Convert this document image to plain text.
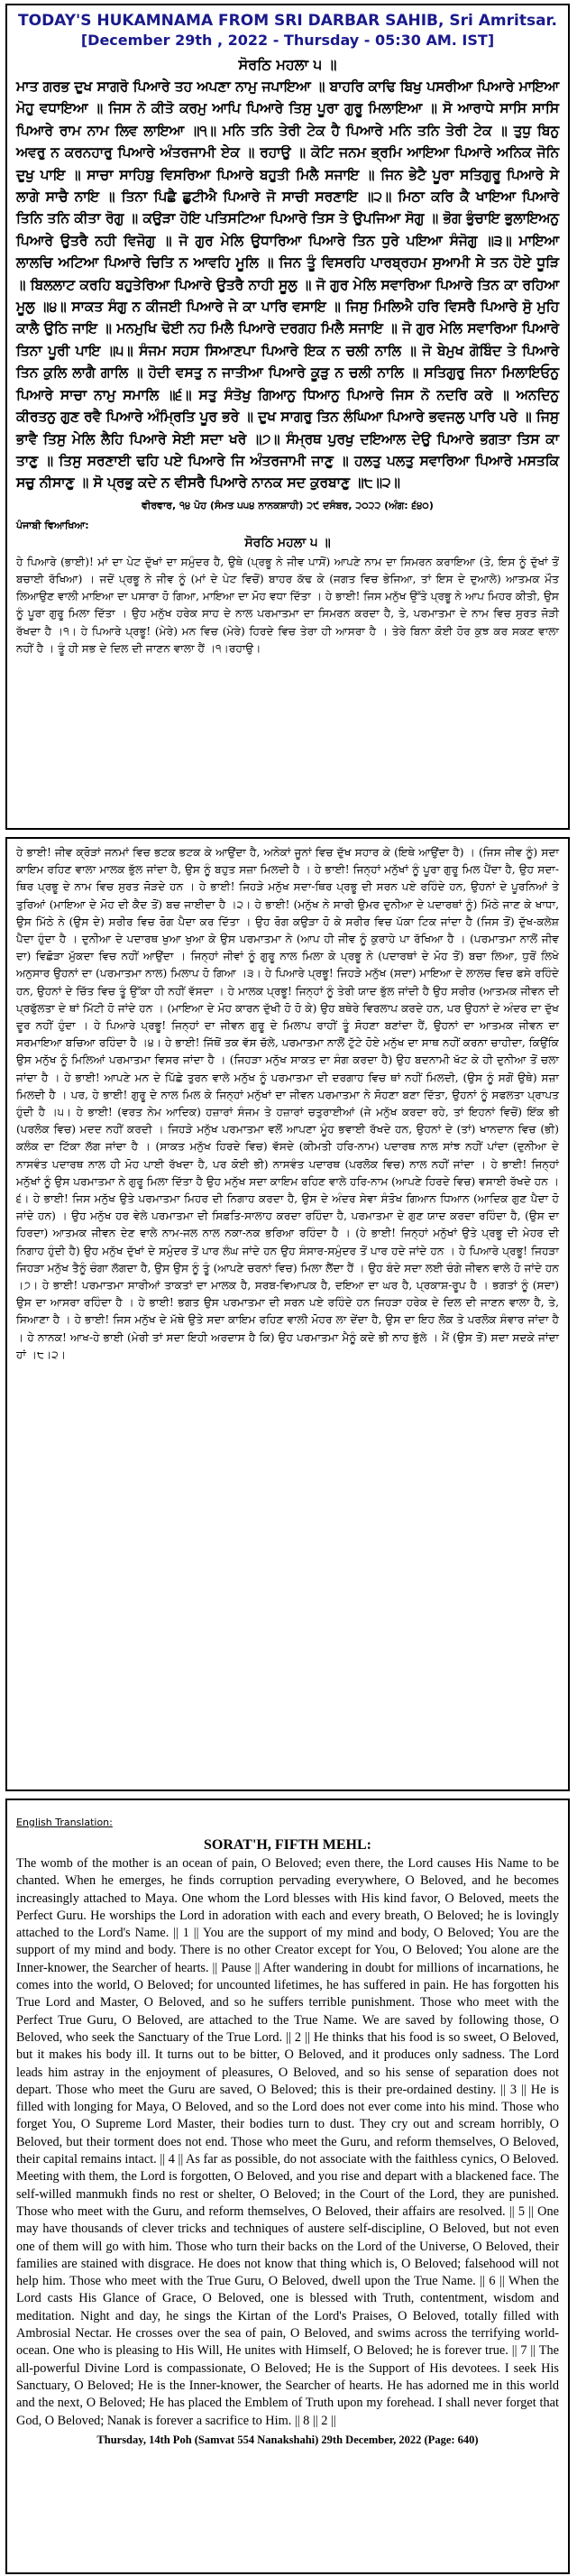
TODAY'S HUKAMNAMA FROM SRI DARBAR SAHIB, Sri Amritsar.
[December 29th , 2022 - Thursday - 05:30 AM. IST]
ਸੋਰਠਿ ਮਹਲਾ ੫ ॥

ਮਾਤ ਗਰਭ ਦੁਖ ਸਾਗਰੋ ਪਿਆਰੇ ਤਹ ਅਪਣਾ ਨਾਮੁ ਜਪਾਇਆ ॥ ਬਾਹਰਿ ਕਾਢਿ ਬਿਖੁ ਪਸਰੀਆ ਪਿਆਰੇ ਮਾਇਆ ਮੋਹੁ ਵਧਾਇਆ ॥ ਜਿਸ ਨੋ ਕੀਤੋ ਕਰਮੁ ਆਪਿ ਪਿਆਰੇ ਤਿਸੁ ਪੂਰਾ ਗੁਰੂ ਮਿਲਾਇਆ ॥ ਸੋ ਆਰਾਧੇ ਸਾਸਿ ਸਾਸਿ ਪਿਆਰੇ ਰਾਮ ਨਾਮ ਲਿਵ ਲਾਇਆ ॥੧॥ ਮਨਿ ਤਨਿ ਤੇਰੀ ਟੇਕ ਹੈ ਪਿਆਰੇ ਮਨਿ ਤਨਿ ਤੇਰੀ ਟੇਕ ॥ ਤੁਧੁ ਬਿਨੁ ਅਵਰੁ ਨ ਕਰਨਹਾਰੁ ਪਿਆਰੇ ਅੰਤਰਜਾਮੀ ਏਕ ॥ ਰਹਾਉ ॥ ਕੋਟਿ ਜਨਮ ਭ੍ਰਮਿ ਆਇਆ ਪਿਆਰੇ ਅਨਿਕ ਜੋਨਿ ਦੁਖੁ ਪਾਇ ॥ ਸਾਚਾ ਸਾਹਿਬੁ ਵਿਸਰਿਆ ਪਿਆਰੇ ਬਹੁਤੀ ਮਿਲੈ ਸਜਾਇ ॥ ਜਿਨ ਭੇਟੈ ਪੂਰਾ ਸਤਿਗੁਰੂ ਪਿਆਰੇ ਸੇ ਲਾਗੇ ਸਾਚੈ ਨਾਇ ॥ ਤਿਨਾ ਪਿਛੈ ਛੁਟੀਐ ਪਿਆਰੇ ਜੋ ਸਾਚੀ ਸਰਣਾਇ ॥੨॥ ਮਿਠਾ ਕਰਿ ਕੈ ਖਾਇਆ ਪਿਆਰੇ ਤਿਨਿ ਤਨਿ ਕੀਤਾ ਰੋਗੁ ॥ ਕਉੜਾ ਹੋਇ ਪਤਿਸਟਿਆ ਪਿਆਰੇ ਤਿਸ ਤੇ ਉਪਜਿਆ ਸੋਗੁ ॥ ਭੋਗ ਭੁੰਚਾਇ ਭੁਲਾਇਅਨੁ ਪਿਆਰੇ ਉਤਰੈ ਨਹੀ ਵਿਜੋਗੁ ॥ ਜੋ ਗੁਰ ਮੇਲਿ ਉਧਾਰਿਆ ਪਿਆਰੇ ਤਿਨ ਧੁਰੇ ਪਇਆ ਸੰਜੋਗੁ ॥੩॥ ਮਾਇਆ ਲਾਲਚਿ ਅਟਿਆ ਪਿਆਰੇ ਚਿਤਿ ਨ ਆਵਹਿ ਮੂਲਿ ॥ ਜਿਨ ਤੂੰ ਵਿਸਰਹਿ ਪਾਰਬ੍ਰਹਮ ਸੁਆਮੀ ਸੇ ਤਨ ਹੋਏ ਧੂੜਿ ॥ ਬਿਲਲਾਟ ਕਰਹਿ ਬਹੁਤੇਰਿਆ ਪਿਆਰੇ ਉਤਰੈ ਨਾਹੀ ਸੂਲੁ ॥ ਜੋ ਗੁਰ ਮੇਲਿ ਸਵਾਰਿਆ ਪਿਆਰੇ ਤਿਨ ਕਾ ਰਹਿਆ ਮੂਲੁ ॥੪॥ ਸਾਕਤ ਸੰਗੁ ਨ ਕੀਜਈ ਪਿਆਰੇ ਜੇ ਕਾ ਪਾਰਿ ਵਸਾਇ ॥ ਜਿਸੁ ਮਿਲਿਐ ਹਰਿ ਵਿਸਰੈ ਪਿਆਰੇ ਸੁੋ ਮੁਹਿ ਕਾਲੈ ਉਠਿ ਜਾਇ ॥ ਮਨਮੁਖਿ ਢੋਈ ਨਹ ਮਿਲੈ ਪਿਆਰੇ ਦਰਗਹ ਮਿਲੈ ਸਜਾਇ ॥ ਜੋ ਗੁਰ ਮੇਲਿ ਸਵਾਰਿਆ ਪਿਆਰੇ ਤਿਨਾ ਪੂਰੀ ਪਾਇ ॥੫॥ ਸੰਜਮ ਸਹਸ ਸਿਆਣਪਾ ਪਿਆਰੇ ਇਕ ਨ ਚਲੀ ਨਾਲਿ ॥ ਜੋ ਬੇਮੁਖ ਗੋਬਿੰਦ ਤੇ ਪਿਆਰੇ ਤਿਨ ਕੁਲਿ ਲਾਗੈ ਗਾਲਿ ॥ ਹੋਦੀ ਵਸਤੁ ਨ ਜਾਤੀਆ ਪਿਆਰੇ ਕੂੜੁ ਨ ਚਲੀ ਨਾਲਿ ॥ ਸਤਿਗੁਰੁ ਜਿਨਾ ਮਿਲਾਇਓਨੁ ਪਿਆਰੇ ਸਾਚਾ ਨਾਮੁ ਸਮਾਲਿ ॥੬॥ ਸਤੁ ਸੰਤੋਖੁ ਗਿਆਨੁ ਧਿਆਨੁ ਪਿਆਰੇ ਜਿਸ ਨੋ ਨਦਰਿ ਕਰੇ ॥ ਅਨਦਿਨੁ ਕੀਰਤਨੁ ਗੁਣ ਰਵੈ ਪਿਆਰੇ ਅੰਮ੍ਰਿਤਿ ਪੂਰ ਭਰੇ ॥ ਦੁਖ ਸਾਗਰੁ ਤਿਨ ਲੰਘਿਆ ਪਿਆਰੇ ਭਵਜਲੁ ਪਾਰਿ ਪਰੇ ॥ ਜਿਸੁ ਭਾਵੈ ਤਿਸੁ ਮੇਲਿ ਲੈਹਿ ਪਿਆਰੇ ਸੇਈ ਸਦਾ ਖਰੇ ॥੭॥ ਸੰਮ੍ਰਥ ਪੁਰਖੁ ਦਇਆਲ ਦੇਉ ਪਿਆਰੇ ਭਗਤਾ ਤਿਸ ਕਾ ਤਾਣੁ ॥ ਤਿਸੁ ਸਰਣਾਈ ਢਹਿ ਪਏ ਪਿਆਰੇ ਜਿ ਅੰਤਰਜਾਮੀ ਜਾਣੁ ॥ ਹਲਤੁ ਪਲਤੁ ਸਵਾਰਿਆ ਪਿਆਰੇ ਮਸਤਕਿ ਸਚੁ ਨੀਸਾਣੁ ॥ ਸੋ ਪ੍ਰਭੁ ਕਦੇ ਨ ਵੀਸਰੈ ਪਿਆਰੇ ਨਾਨਕ ਸਦ ਕੁਰਬਾਣੁ ॥੮॥੨॥

ਵੀਰਵਾਰ, ੧੪ ਪੋਹ (ਸੰਮਤ ੫੫੪ ਨਾਨਕਸ਼ਾਹੀ) ੨੯ ਦਸੰਬਰ, ੨੦੨੨ (ਅੰਗ: ੬੪੦)
ਪੰਜਾਬੀ ਵਿਆਖਿਆ:
ਸੋਰਠਿ ਮਹਲਾ ੫ ॥

ਹੇ ਪਿਆਰੇ (ਭਾਈ)! ਮਾਂ ਦਾ ਪੇਟ ਦੁੱਖਾਂ ਦਾ ਸਮੁੰਦਰ ਹੈ, ਉਥੇ (ਪ੍ਰਭੂ ਨੇ ਜੀਵ ਪਾਸੋਂ) ਆਪਣੇ ਨਾਮ ਦਾ ਸਿਮਰਨ ਕਰਾਇਆ (ਤੇ, ਇਸ ਨੂੰ ਦੁੱਖਾਂ ਤੋਂ ਬਚਾਈ ਰੱਖਿਆ) । ਜਦੋਂ ਪ੍ਰਭੂ ਨੇ ਜੀਵ ਨੂੰ (ਮਾਂ ਦੇ ਪੇਟ ਵਿਚੋਂ) ਬਾਹਰ ਕੱਢ ਕੇ (ਜਗਤ ਵਿਚ ਭੇਜਿਆ, ਤਾਂ ਇਸ ਦੇ ਦੁਆਲੇ) ਆਤਮਕ ਮੌਤ ਲਿਆਉਣ ਵਾਲੀ ਮਾਇਆ ਦਾ ਪਸਾਰਾ ਹੋ ਗਿਆ, ਮਾਇਆ ਦਾ ਮੋਹ ਵਧਾ ਦਿੱਤਾ । ਹੇ ਭਾਈ! ਜਿਸ ਮਨੁੱਖ ਉੱਤੇ ਪ੍ਰਭੂ ਨੇ ਆਪ ਮਿਹਰ ਕੀਤੀ, ਉਸ ਨੂੰ ਪੂਰਾ ਗੁਰੂ ਮਿਲਾ ਦਿੱਤਾ । ਉਹ ਮਨੁੱਖ ਹਰੇਕ ਸਾਹ ਦੇ ਨਾਲ ਪਰਮਾਤਮਾ ਦਾ ਸਿਮਰਨ ਕਰਦਾ ਹੈ, ਤੇ, ਪਰਮਾਤਮਾ ਦੇ ਨਾਮ ਵਿਚ ਸੁਰਤ ਜੋੜੀ ਰੱਖਦਾ ਹੈ ।੧। ਹੇ ਪਿਆਰੇ ਪ੍ਰਭੂ! (ਮੇਰੇ) ਮਨ ਵਿਚ (ਮੇਰੇ) ਹਿਰਦੇ ਵਿਚ ਤੇਰਾ ਹੀ ਆਸਰਾ ਹੈ । ਤੇਰੇ ਬਿਨਾ ਕੋਈ ਹੋਰ ਕੁਝ ਕਰ ਸਕਣ ਵਾਲਾ ਨਹੀਂ ਹੈ । ਤੂੰ ਹੀ ਸਭ ਦੇ ਦਿਲ ਦੀ ਜਾਣਨ ਵਾਲਾ ਹੈਂ ।੧।ਰਹਾਉ।

ਹੇ ਭਾਈ! ਜੀਵ ਕ੍ਰੋੜਾਂ ਜਨਮਾਂ ਵਿਚ ਭਟਕ ਭਟਕ ਕੇ ਆਉਂਦਾ ਹੈ, ਅਨੇਕਾਂ ਜੂਨਾਂ ਵਿਚ ਦੁੱਖ ਸਹਾਰ ਕੇ (ਇਥੇ ਆਉਂਦਾ ਹੈ) । (ਜਿਸ ਜੀਵ ਨੂੰ) ਸਦਾ ਕਾਇਮ ਰਹਿਣ ਵਾਲਾ ਮਾਲਕ ਭੁੱਲ ਜਾਂਦਾ ਹੈ, ਉਸ ਨੂੰ ਬਹੁਤ ਸਜ਼ਾ ਮਿਲਦੀ ਹੈ । ਹੇ ਭਾਈ! ਜਿਨ੍ਹਾਂ ਮਨੁੱਖਾਂ ਨੂੰ ਪੂਰਾ ਗੁਰੂ ਮਿਲ ਪੈਂਦਾ ਹੈ, ਉਹ ਸਦਾ-ਥਿਰ ਪ੍ਰਭੂ ਦੇ ਨਾਮ ਵਿਚ ਸੁਰਤ ਜੋੜਦੇ ਹਨ । ਹੇ ਭਾਈ! ਜਿਹੜੇ ਮਨੁੱਖ ਸਦਾ-ਥਿਰ ਪ੍ਰਭੂ ਦੀ ਸਰਨ ਪਏ ਰਹਿੰਦੇ ਹਨ, ਉਹਨਾਂ ਦੇ ਪੂਰਨਿਆਂ ਤੇ ਤੁਰਿਆਂ (ਮਾਇਆ ਦੇ ਮੋਹ ਦੀ ਕੈਦ ਤੋਂ) ਬਚ ਜਾਈਦਾ ਹੈ ।੨। ਹੇ ਭਾਈ! (ਮਨੁੱਖ ਨੇ ਸਾਰੀ ਉਮਰ ਦੁਨੀਆ ਦੇ ਪਦਾਰਥਾਂ ਨੂੰ) ਮਿੱਠੇ ਜਾਣ ਕੇ ਖਾਧਾ, ਉਸ ਮਿੱਠੇ ਨੇ (ਉਸ ਦੇ) ਸਰੀਰ ਵਿਚ ਰੋਗ ਪੈਦਾ ਕਰ ਦਿੱਤਾ । ਉਹ ਰੋਗ ਕਉੜਾ ਹੋ ਕੇ ਸਰੀਰ ਵਿਚ ਪੱਕਾ ਟਿਕ ਜਾਂਦਾ ਹੈ (ਜਿਸ ਤੋਂ) ਦੁੱਖ-ਕਲੇਸ਼ ਪੈਦਾ ਹੁੰਦਾ ਹੈ । ਦੁਨੀਆ ਦੇ ਪਦਾਰਥ ਖੁਆ ਖੁਆ ਕੇ ਉਸ ਪਰਮਾਤਮਾ ਨੇ (ਆਪ ਹੀ ਜੀਵ ਨੂੰ ਕੁਰਾਹੇ ਪਾ ਰੱਖਿਆ ਹੈ । (ਪਰਮਾਤਮਾ ਨਾਲੋਂ ਜੀਵ ਦਾ) ਵਿਛੋੜਾ ਮੁੱਕਦਾ ਵਿਚ ਨਹੀਂ ਆਉਂਦਾ । ਜਿਨ੍ਹਾਂ ਜੀਵਾਂ ਨੂੰ ਗੁਰੂ ਨਾਲ ਮਿਲਾ ਕੇ ਪ੍ਰਭੂ ਨੇ (ਪਦਾਰਥਾਂ ਦੇ ਮੋਹ ਤੋਂ) ਬਚਾ ਲਿਆ, ਧੁਰੋਂ ਲਿਖੇ ਅਨੁਸਾਰ ਉਹਨਾਂ ਦਾ (ਪਰਮਾਤਮਾ ਨਾਲ) ਮਿਲਾਪ ਹੋ ਗਿਆ ।੩। ਹੇ ਪਿਆਰੇ ਪ੍ਰਭੂ! ਜਿਹੜੇ ਮਨੁੱਖ (ਸਦਾ) ਮਾਇਆ ਦੇ ਲਾਲਚ ਵਿਚ ਫਸੇ ਰਹਿੰਦੇ ਹਨ, ਉਹਨਾਂ ਦੇ ਚਿੱਤ ਵਿਚ ਤੂੰ ਉੱਕਾ ਹੀ ਨਹੀਂ ਵੱਸਦਾ । ਹੇ ਮਾਲਕ ਪ੍ਰਭੂ! ਜਿਨ੍ਹਾਂ ਨੂੰ ਤੇਰੀ ਯਾਦ ਭੁੱਲ ਜਾਂਦੀ ਹੈ ਉਹ ਸਰੀਰ (ਆਤਮਕ ਜੀਵਨ ਦੀ ਪ੍ਰਫੁੱਲਤਾ ਦੇ ਥਾਂ ਮਿੱਟੀ ਹੋ ਜਾਂਦੇ ਹਨ । (ਮਾਇਆ ਦੇ ਮੋਹ ਕਾਰਨ ਦੁੱਖੀ ਹੋ ਹੋ ਕੇ) ਉਹ ਬਥੇਰੇ ਵਿਰਲਾਪ ਕਰਦੇ ਹਨ, ਪਰ ਉਹਨਾਂ ਦੇ ਅੰਦਰ ਦਾ ਦੁੱਖ ਦੂਰ ਨਹੀਂ ਹੁੰਦਾ । ਹੇ ਪਿਆਰੇ ਪ੍ਰਭੂ! ਜਿਨ੍ਹਾਂ ਦਾ ਜੀਵਨ ਗੁਰੂ ਦੇ ਮਿਲਾਪ ਰਾਹੀਂ ਤੂੰ ਸੋਹਣਾ ਬਣਾਂਦਾ ਹੈਂ, ਉਹਨਾਂ ਦਾ ਆਤਮਕ ਜੀਵਨ ਦਾ ਸਰਮਾਇਆ ਬਚਿਆ ਰਹਿੰਦਾ ਹੈ ।੪। ਹੇ ਭਾਈ! ਜਿੱਥੋਂ ਤਕ ਵੱਸ ਚੱਲੇ, ਪਰਮਾਤਮਾ ਨਾਲੋਂ ਟੁੱਟੇ ਹੋਏ ਮਨੁੱਖ ਦਾ ਸਾਥ ਨਹੀਂ ਕਰਨਾ ਚਾਹੀਦਾ, ਕਿਉਂਕਿ ਉਸ ਮਨੁੱਖ ਨੂੰ ਮਿਲਿਆਂ ਪਰਮਾਤਮਾ ਵਿਸਰ ਜਾਂਦਾ ਹੈ । (ਜਿਹੜਾ ਮਨੁੱਖ ਸਾਕਤ ਦਾ ਸੰਗ ਕਰਦਾ ਹੈ) ਉਹ ਬਦਨਾਮੀ ਖੱਟ ਕੇ ਹੀ ਦੁਨੀਆ ਤੋਂ ਚਲਾ ਜਾਂਦਾ ਹੈ । ਹੇ ਭਾਈ! ਆਪਣੇ ਮਨ ਦੇ ਪਿੱਛੇ ਤੁਰਨ ਵਾਲੇ ਮਨੁੱਖ ਨੂੰ ਪਰਮਾਤਮਾ ਦੀ ਦਰਗਾਹ ਵਿਚ ਥਾਂ ਨਹੀਂ ਮਿਲਦੀ, (ਉਸ ਨੂੰ ਸਗੋਂ ਉਥੇ) ਸਜ਼ਾ ਮਿਲਦੀ ਹੈ । ਪਰ, ਹੇ ਭਾਈ! ਗੁਰੂ ਦੇ ਨਾਲ ਮਿਲ ਕੇ ਜਿਨ੍ਹਾਂ ਮਨੁੱਖਾਂ ਦਾ ਜੀਵਨ ਪਰਮਾਤਮਾ ਨੇ ਸੋਹਣਾ ਬਣਾ ਦਿੱਤਾ, ਉਹਨਾਂ ਨੂੰ ਸਫਲਤਾ ਪ੍ਰਾਪਤ ਹੁੰਦੀ ਹੈ ।੫। ਹੇ ਭਾਈ! (ਵਰਤ ਨੇਮ ਆਦਿਕ) ਹਜ਼ਾਰਾਂ ਸੰਜਮ ਤੇ ਹਜ਼ਾਰਾਂ ਚਤੁਰਾਈਆਂ (ਜੇ ਮਨੁੱਖ ਕਰਦਾ ਰਹੇ, ਤਾਂ ਇਹਨਾਂ ਵਿਚੋਂ) ਇੱਕ ਭੀ (ਪਰਲੋਕ ਵਿਚ) ਮਦਦ ਨਹੀਂ ਕਰਦੀ । ਜਿਹੜੇ ਮਨੁੱਖ ਪਰਮਾਤਮਾ ਵਲੋਂ ਆਪਣਾ ਮੂੰਹ ਭਵਾਈ ਰੱਖਦੇ ਹਨ, ਉਹਨਾਂ ਦੇ (ਤਾਂ) ਖਾਨਦਾਨ ਵਿਚ (ਭੀ) ਕਲੰਕ ਦਾ ਟਿੱਕਾ ਲੱਗ ਜਾਂਦਾ ਹੈ । (ਸਾਕਤ ਮਨੁੱਖ ਹਿਰਦੇ ਵਿਚ) ਵੱਸਦੇ (ਕੀਮਤੀ ਹਰਿ-ਨਾਮ) ਪਦਾਰਥ ਨਾਲ ਸਾਂਝ ਨਹੀਂ ਪਾਂਦਾ (ਦੁਨੀਆ ਦੇ ਨਾਸਵੰਤ ਪਦਾਰਥ ਨਾਲ ਹੀ ਮੋਹ ਪਾਈ ਰੱਖਦਾ ਹੈ, ਪਰ ਕੋਈ ਭੀ) ਨਾਸਵੰਤ ਪਦਾਰਥ (ਪਰਲੋਕ ਵਿਚ) ਨਾਲ ਨਹੀਂ ਜਾਂਦਾ । ਹੇ ਭਾਈ! ਜਿਨ੍ਹਾਂ ਮਨੁੱਖਾਂ ਨੂੰ ਉਸ ਪਰਮਾਤਮਾ ਨੇ ਗੁਰੂ ਮਿਲਾ ਦਿੱਤਾ ਹੈ ਉਹ ਮਨੁੱਖ ਸਦਾ ਕਾਇਮ ਰਹਿਣ ਵਾਲੇ ਹਰਿ-ਨਾਮ (ਆਪਣੇ ਹਿਰਦੇ ਵਿਚ) ਵਸਾਈ ਰੱਖਦੇ ਹਨ ।੬। ਹੇ ਭਾਈ! ਜਿਸ ਮਨੁੱਖ ਉਤੇ ਪਰਮਾਤਮਾ ਮਿਹਰ ਦੀ ਨਿਗਾਹ ਕਰਦਾ ਹੈ, ਉਸ ਦੇ ਅੰਦਰ ਸੇਵਾ ਸੰਤੋਖ ਗਿਆਨ ਧਿਆਨ (ਆਦਿਕ ਗੁਣ ਪੈਦਾ ਹੋ ਜਾਂਦੇ ਹਨ) । ਉਹ ਮਨੁੱਖ ਹਰ ਵੇਲੇ ਪਰਮਾਤਮਾ ਦੀ ਸਿਫ਼ਤਿ-ਸਾਲਾਹ ਕਰਦਾ ਰਹਿੰਦਾ ਹੈ, ਪਰਮਾਤਮਾ ਦੇ ਗੁਣ ਯਾਦ ਕਰਦਾ ਰਹਿੰਦਾ ਹੈ, (ਉਸ ਦਾ ਹਿਰਦਾ) ਆਤਮਕ ਜੀਵਨ ਦੇਣ ਵਾਲੇ ਨਾਮ-ਜਲ ਨਾਲ ਨਕਾ-ਨਕ ਭਰਿਆ ਰਹਿੰਦਾ ਹੈ । (ਹੇ ਭਾਈ! ਜਿਨ੍ਹਾਂ ਮਨੁੱਖਾਂ ਉਤੇ ਪ੍ਰਭੂ ਦੀ ਮੇਹਰ ਦੀ ਨਿਗਾਹ ਹੁੰਦੀ ਹੈ) ਉਹ ਮਨੁੱਖ ਦੁੱਖਾਂ ਦੇ ਸਮੁੰਦਰ ਤੋਂ ਪਾਰ ਲੰਘ ਜਾਂਦੇ ਹਨ ਉਹ ਸੰਸਾਰ-ਸਮੁੰਦਰ ਤੋਂ ਪਾਰ ਹਦੇ ਜਾਂਦੇ ਹਨ । ਹੇ ਪਿਆਰੇ ਪ੍ਰਭੂ! ਜਿਹੜਾ ਜਿਹੜਾ ਮਨੁੱਖ ਤੈਨੂੰ ਚੰਗਾ ਲੱਗਦਾ ਹੈ, ਉਸ ਉਸ ਨੂੰ ਤੂੰ (ਆਪਣੇ ਚਰਨਾਂ ਵਿਚ) ਮਿਲਾ ਲੈਂਦਾ ਹੈਂ । ਉਹ ਬੰਦੇ ਸਦਾ ਲਈ ਚੰਗੇ ਜੀਵਨ ਵਾਲੇ ਹੋ ਜਾਂਦੇ ਹਨ ।੭। ਹੇ ਭਾਈ! ਪਰਮਾਤਮਾ ਸਾਰੀਆਂ ਤਾਕਤਾਂ ਦਾ ਮਾਲਕ ਹੈ, ਸਰਬ-ਵਿਆਪਕ ਹੈ, ਦਇਆ ਦਾ ਘਰ ਹੈ, ਪ੍ਰਕਾਸ਼-ਰੂਪ ਹੈ । ਭਗਤਾਂ ਨੂੰ (ਸਦਾ) ਉਸ ਦਾ ਆਸਰਾ ਰਹਿੰਦਾ ਹੈ । ਹੇ ਭਾਈ! ਭਗਤ ਉਸ ਪਰਮਾਤਮਾ ਦੀ ਸਰਨ ਪਏ ਰਹਿੰਦੇ ਹਨ ਜਿਹੜਾ ਹਰੇਕ ਦੇ ਦਿਲ ਦੀ ਜਾਣਨ ਵਾਲਾ ਹੈ, ਤੇ, ਸਿਆਣਾ ਹੈ । ਹੇ ਭਾਈ! ਜਿਸ ਮਨੁੱਖ ਦੇ ਮੱਥੇ ਉਤੇ ਸਦਾ ਕਾਇਮ ਰਹਿਣ ਵਾਲੀ ਮੋਹਰ ਲਾ ਦੇਂਦਾ ਹੈ, ਉਸ ਦਾ ਇਹ ਲੋਕ ਤੇ ਪਰਲੋਕ ਸੰਵਾਰ ਜਾਂਦਾ ਹੈ । ਹੇ ਨਾਨਕ! ਆਖ-ਹੇ ਭਾਈ (ਮੇਰੀ ਤਾਂ ਸਦਾ ਇਹੀ ਅਰਦਾਸ ਹੈ ਕਿ) ਉਹ ਪਰਮਾਤਮਾ ਮੈਨੂੰ ਕਦੇ ਭੀ ਨਾਹ ਭੁੱਲੇ । ਮੈਂ (ਉਸ ਤੋਂ) ਸਦਾ ਸਦਕੇ ਜਾਂਦਾ ਹਾਂ ।੮।੨।

English Translation:
SORAT'H, FIFTH MEHL:

The womb of the mother is an ocean of pain, O Beloved; even there, the Lord causes His Name to be chanted. When he emerges, he finds corruption pervading everywhere, O Beloved, and he becomes increasingly attached to Maya. One whom the Lord blesses with His kind favor, O Beloved, meets the Perfect Guru. He worships the Lord in adoration with each and every breath, O Beloved; he is lovingly attached to the Lord's Name. || 1 || You are the support of my mind and body, O Beloved; You are the support of my mind and body. There is no other Creator except for You, O Beloved; You alone are the Inner-knower, the Searcher of hearts. || Pause || After wandering in doubt for millions of incarnations, he comes into the world, O Beloved; for uncounted lifetimes, he has suffered in pain. He has forgotten his True Lord and Master, O Beloved, and so he suffers terrible punishment. Those who meet with the Perfect True Guru, O Beloved, are attached to the True Name. We are saved by following those, O Beloved, who seek the Sanctuary of the True Lord. || 2 || He thinks that his food is so sweet, O Beloved, but it makes his body ill. It turns out to be bitter, O Beloved, and it produces only sadness. The Lord leads him astray in the enjoyment of pleasures, O Beloved, and so his sense of separation does not depart. Those who meet the Guru are saved, O Beloved; this is their pre-ordained destiny. || 3 || He is filled with longing for Maya, O Beloved, and so the Lord does not ever come into his mind. Those who forget You, O Supreme Lord Master, their bodies turn to dust. They cry out and scream horribly, O Beloved, but their torment does not end. Those who meet the Guru, and reform themselves, O Beloved, their capital remains intact. || 4 || As far as possible, do not associate with the faithless cynics, O Beloved. Meeting with them, the Lord is forgotten, O Beloved, and you rise and depart with a blackened face. The self-willed manmukh finds no rest or shelter, O Beloved; in the Court of the Lord, they are punished. Those who meet with the Guru, and reform themselves, O Beloved, their affairs are resolved. || 5 || One may have thousands of clever tricks and techniques of austere self-discipline, O Beloved, but not even one of them will go with him. Those who turn their backs on the Lord of the Universe, O Beloved, their families are stained with disgrace. He does not know that thing which is, O Beloved; falsehood will not help him. Those who meet with the True Guru, O Beloved, dwell upon the True Name. || 6 || When the Lord casts His Glance of Grace, O Beloved, one is blessed with Truth, contentment, wisdom and meditation. Night and day, he sings the Kirtan of the Lord's Praises, O Beloved, totally filled with Ambrosial Nectar. He crosses over the sea of pain, O Beloved, and swims across the terrifying world-ocean. One who is pleasing to His Will, He unites with Himself, O Beloved; he is forever true. || 7 || The all-powerful Divine Lord is compassionate, O Beloved; He is the Support of His devotees. I seek His Sanctuary, O Beloved; He is the Inner-knower, the Searcher of hearts. He has adorned me in this world and the next, O Beloved; He has placed the Emblem of Truth upon my forehead. I shall never forget that God, O Beloved; Nanak is forever a sacrifice to Him. || 8 || 2 ||

Thursday, 14th Poh (Samvat 554 Nanakshahi) 29th December, 2022 (Page: 640)
